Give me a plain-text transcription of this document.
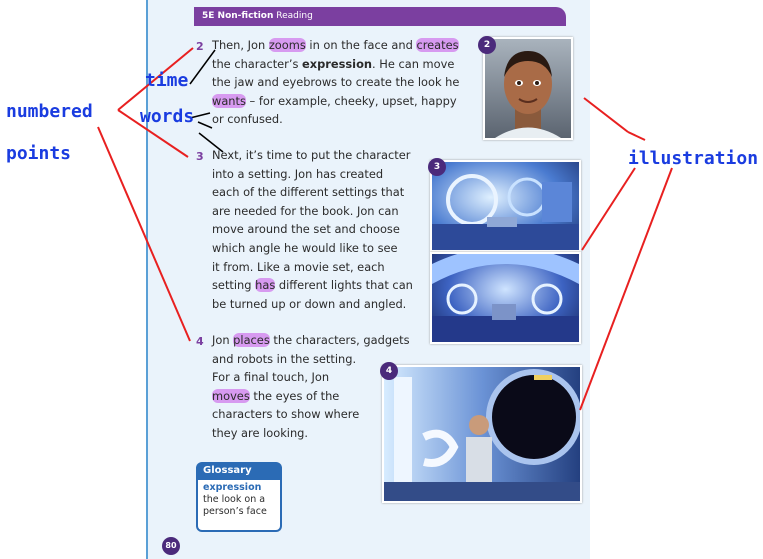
5E Non-fiction Reading
2 Then, Jon zooms in on the face and creates
the character’s expression. He can move
the jaw and eyebrows to create the look he
wants – for example, cheeky, upset, happy
or confused.
3 Next, it’s time to put the character
into a setting. Jon has created
each of the different settings that
are needed for the book. Jon can
move around the set and choose
which angle he would like to see
it from. Like a movie set, each
setting has different lights that can
be turned up or down and angled.
4 Jon places the characters, gadgets
and robots in the setting.
For a final touch, Jon
moves the eyes of the
characters to show where
they are looking.
2
3
4
Glossary
expression
the look on a
person’s face
80
time
words
numbered
points	illustration
